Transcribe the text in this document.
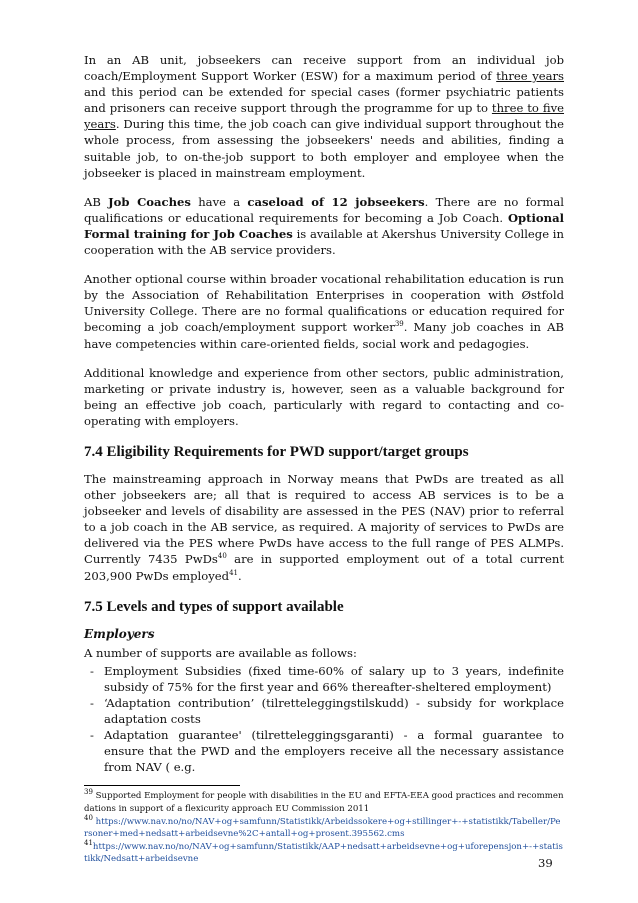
In an AB unit, jobseekers can receive support from an individual job coach/Employment Support Worker (ESW) for a maximum period of three years and this period can be extended for special cases (former psychiatric patients and prisoners can receive support through the programme for up to three to five years. During this time, the job coach can give individual support throughout the whole process, from assessing the jobseekers' needs and abilities, finding a suitable job, to on-the-job support to both employer and employee when the jobseeker is placed in mainstream employment.

AB Job Coaches have a caseload of 12 jobseekers. There are no formal qualifications or educational requirements for becoming a Job Coach. Optional Formal training for Job Coaches is available at Akershus University College in cooperation with the AB service providers.

Another optional course within broader vocational rehabilitation education is run by the Association of Rehabilitation Enterprises in cooperation with Østfold University College. There are no formal qualifications or education required for becoming a job coach/employment support worker$^{39}$. Many job coaches in AB have competencies within care-oriented fields, social work and pedagogies.

Additional knowledge and experience from other sectors, public administration, marketing or private industry is, however, seen as a valuable background for being an effective job coach, particularly with regard to contacting and co-operating with employers.

7.4 Eligibility Requirements for PWD support/target groups

The mainstreaming approach in Norway means that PwDs are treated as all other jobseekers are; all that is required to access AB services is to be a jobseeker and levels of disability are assessed in the PES (NAV) prior to referral to a job coach in the AB service, as required. A majority of services to PwDs are delivered via the PES where PwDs have access to the full range of PES ALMPs. Currently 7435 PwDs$^{40}$ are in supported employment out of a total current 203,900 PwDs employed$^{41}$.

7.5 Levels and types of support available
Employers

A number of supports are available as follows:

- Employment Subsidies (fixed time-60% of salary up to 3 years, indefinite subsidy of 75% for the first year and 66% thereafter-sheltered employment)
- ‘Adaptation contribution’ (tilretteleggingstilskudd) - subsidy for workplace adaptation costs
- Adaptation guarantee' (tilretteleggingsgaranti) - a formal guarantee to ensure that the PWD and the employers receive all the necessary assistance from NAV ( e.g.
$^{39}$ Supported Employment for people with disabilities in the EU and EFTA-EEA good practices and recommendations in support of a flexicurity approach EU Commission 2011
$^{40}$ https://www.nav.no/no/NAV+og+samfunn/Statistikk/Arbeidssokere+og+stillinger+-+statistikk/Tabeller/Personer+med+nedsatt+arbeidsevne%2C+antall+og+prosent.395562.cms
$^{41}$https://www.nav.no/no/NAV+og+samfunn/Statistikk/AAP+nedsatt+arbeidsevne+og+uforepensjon+-+statistikk/Nedsatt+arbeidsevne	39
